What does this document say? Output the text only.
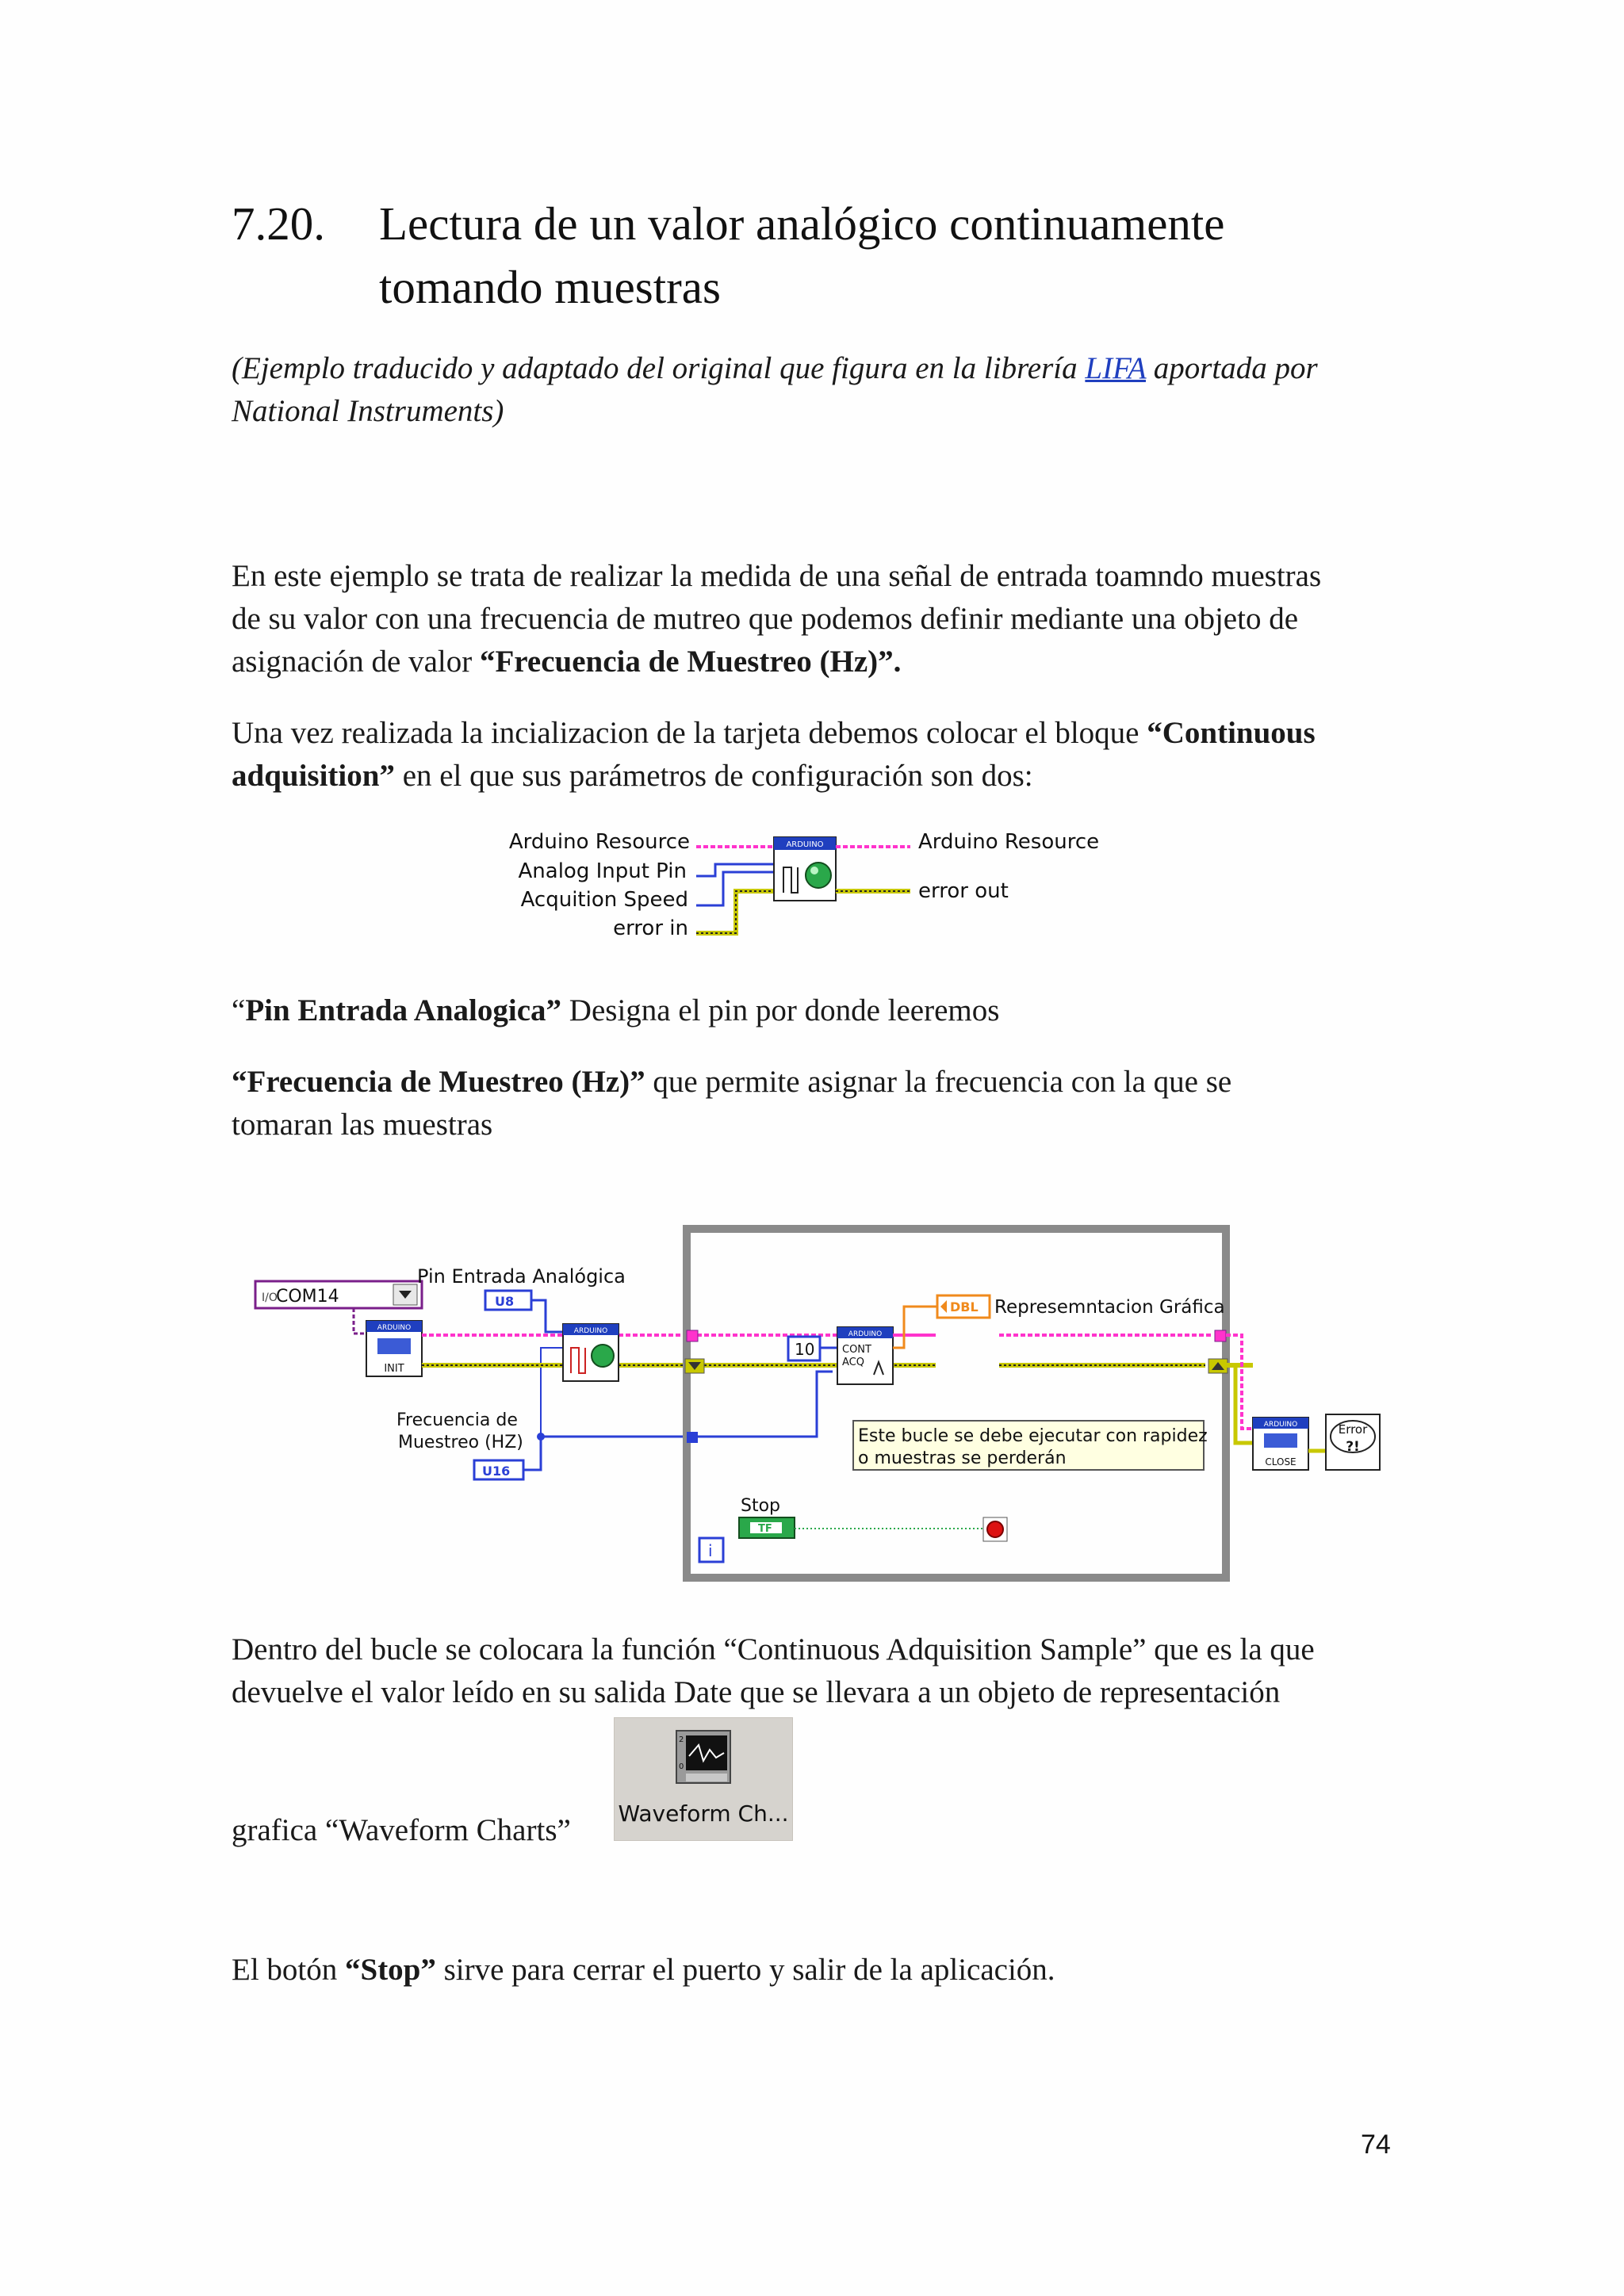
7.20. Lectura de un valor analógico continuamente
tomando muestras

(Ejemplo traducido y adaptado del original que figura en la librería LIFA aportada por
National Instruments)

En este ejemplo se trata de realizar la medida de una señal de entrada toamndo muestras
de su valor con una frecuencia de mutreo que podemos definir mediante una objeto de
asignación de valor “Frecuencia de Muestreo (Hz)”.

Una vez realizada la incializacion de la tarjeta debemos colocar el bloque “Continuous
adquisition” en el que sus parámetros de configuración son dos:

Arduino Resource
Analog Input Pin
Acquition Speed
error in
ARDUINO	Arduino Resource
error out

“Pin Entrada Analogica” Designa el pin por donde leeremos

“Frecuencia de Muestreo (Hz)” que permite asignar la frecuencia con la que se
tomaran las muestras

I/O
COM14
Pin Entrada Analógica
U8
Frecuencia de
Muestreo (HZ)
U16
ARDUINO
INIT
ARDUINO
10
ARDUINO
CONT
ACQ
DBL Represemntacion Gráfica
Este bucle se debe ejecutar con rapidez
o muestras se perderán
Stop
TF
i
ARDUINO
CLOSE
Error
?!

Dentro del bucle se colocara la función “Continuous Adquisition Sample” que es la que
devuelve el valor leído en su salida Date que se llevara a un objeto de representación

grafica “Waveform Charts”

2
0
Waveform Ch...

El botón “Stop” sirve para cerrar el puerto y salir de la aplicación.

74
